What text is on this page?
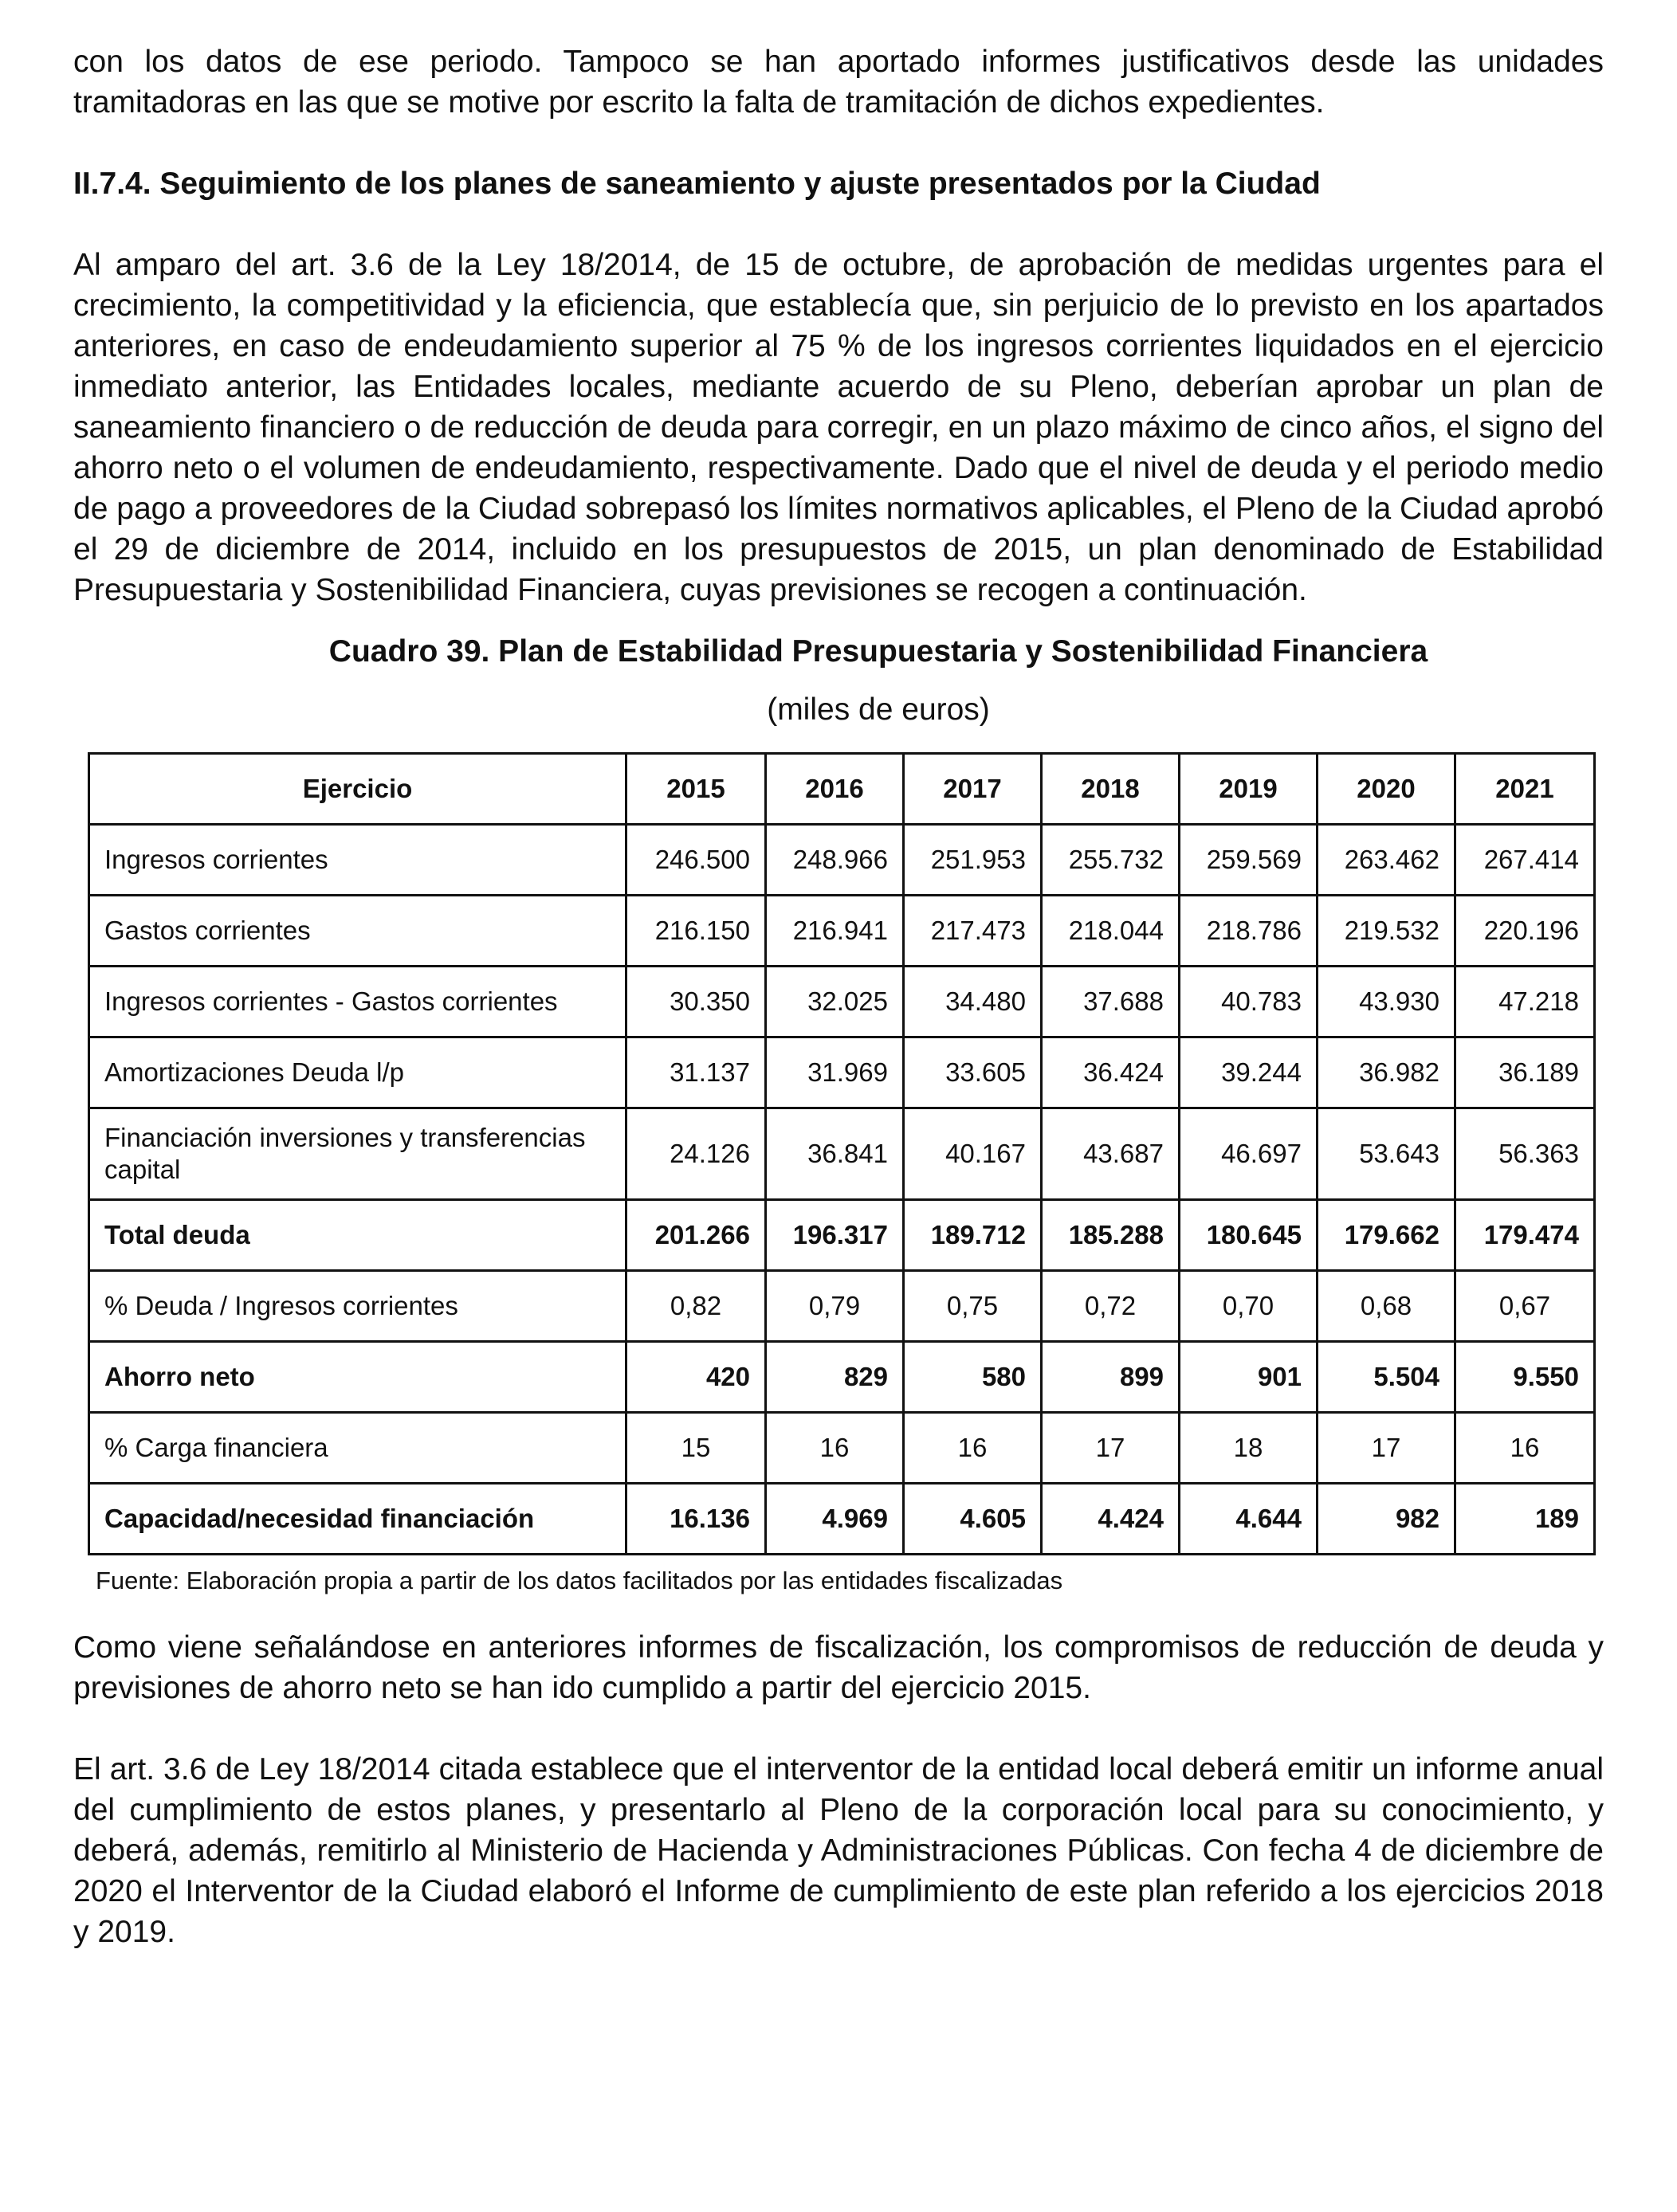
con los datos de ese periodo. Tampoco se han aportado informes justificativos desde las unidades tramitadoras en las que se motive por escrito la falta de tramitación de dichos expedientes.

II.7.4. Seguimiento de los planes de saneamiento y ajuste presentados por la Ciudad

Al amparo del art. 3.6 de la Ley 18/2014, de 15 de octubre, de aprobación de medidas urgentes para el crecimiento, la competitividad y la eficiencia, que establecía que, sin perjuicio de lo previsto en los apartados anteriores, en caso de endeudamiento superior al 75 % de los ingresos corrientes liquidados en el ejercicio inmediato anterior, las Entidades locales, mediante acuerdo de su Pleno, deberían aprobar un plan de saneamiento financiero o de reducción de deuda para corregir, en un plazo máximo de cinco años, el signo del ahorro neto o el volumen de endeudamiento, respectivamente. Dado que el nivel de deuda y el periodo medio de pago a proveedores de la Ciudad sobrepasó los límites normativos aplicables, el Pleno de la Ciudad aprobó el 29 de diciembre de 2014, incluido en los presupuestos de 2015, un plan denominado de Estabilidad Presupuestaria y Sostenibilidad Financiera, cuyas previsiones se recogen a continuación.

Cuadro 39. Plan de Estabilidad Presupuestaria y Sostenibilidad Financiera

(miles de euros)

Ejercicio	2015	2016	2017	2018	2019	2020	2021
Ingresos corrientes	246.500	248.966	251.953	255.732	259.569	263.462	267.414
Gastos corrientes	216.150	216.941	217.473	218.044	218.786	219.532	220.196
Ingresos corrientes - Gastos corrientes	30.350	32.025	34.480	37.688	40.783	43.930	47.218
Amortizaciones Deuda l/p	31.137	31.969	33.605	36.424	39.244	36.982	36.189
Financiación inversiones y transferencias capital	24.126	36.841	40.167	43.687	46.697	53.643	56.363
Total deuda	201.266	196.317	189.712	185.288	180.645	179.662	179.474
% Deuda / Ingresos corrientes	0,82	0,79	0,75	0,72	0,70	0,68	0,67
Ahorro neto	420	829	580	899	901	5.504	9.550
% Carga financiera	15	16	16	17	18	17	16
Capacidad/necesidad financiación	16.136	4.969	4.605	4.424	4.644	982	189

Fuente: Elaboración propia a partir de los datos facilitados por las entidades fiscalizadas

Como viene señalándose en anteriores informes de fiscalización, los compromisos de reducción de deuda y previsiones de ahorro neto se han ido cumplido a partir del ejercicio 2015.

El art. 3.6 de Ley 18/2014 citada establece que el interventor de la entidad local deberá emitir un informe anual del cumplimiento de estos planes, y presentarlo al Pleno de la corporación local para su conocimiento, y deberá, además, remitirlo al Ministerio de Hacienda y Administraciones Públicas. Con fecha 4 de diciembre de 2020 el Interventor de la Ciudad elaboró el Informe de cumplimiento de este plan referido a los ejercicios 2018 y 2019.
